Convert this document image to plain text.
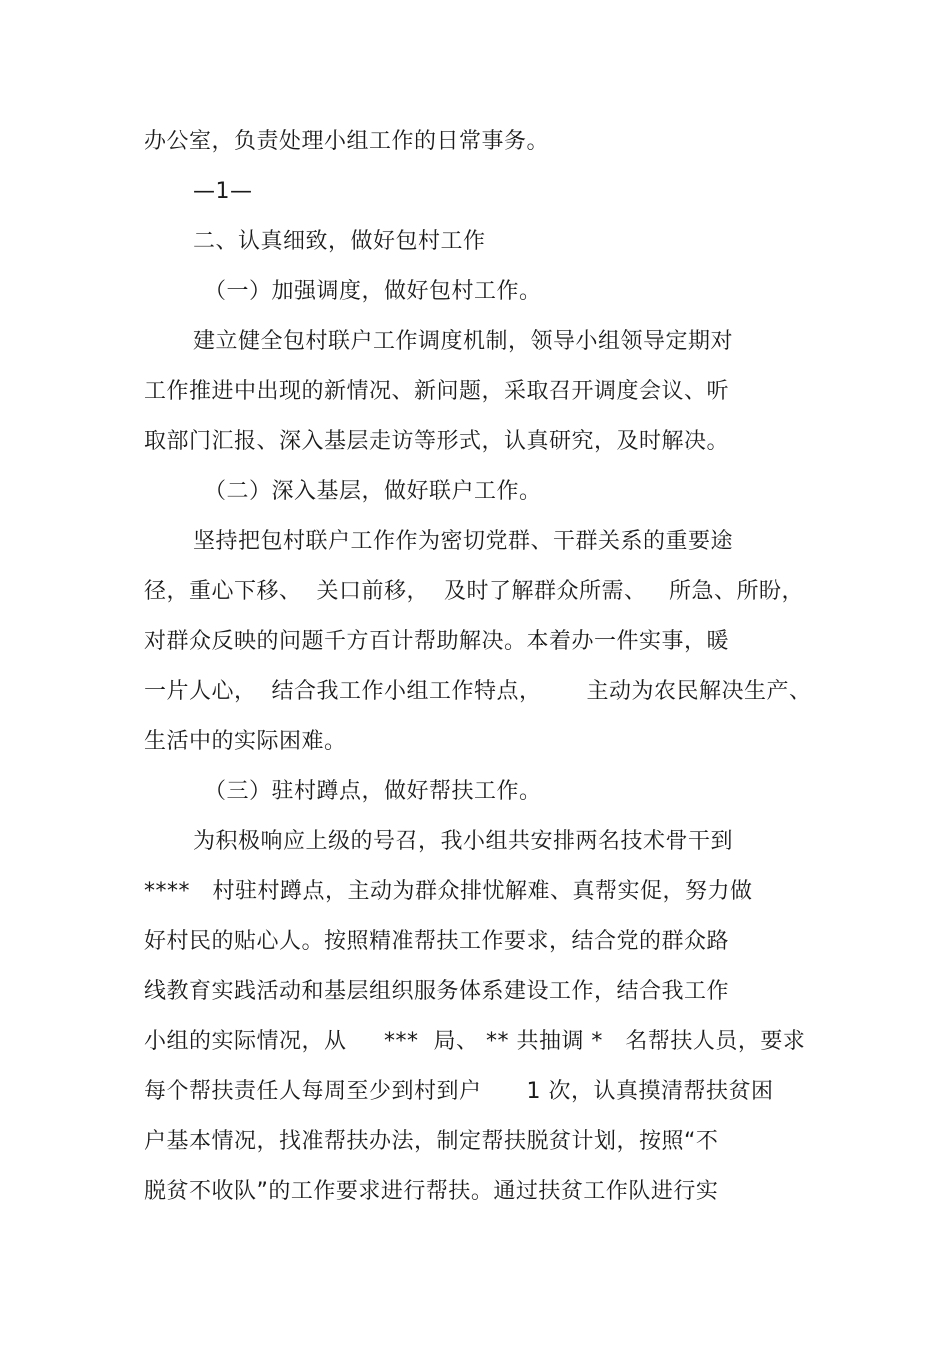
办公室，负责处理小组工作的日常事务。
—1—
二、认真细致，做好包村工作
（一）加强调度，做好包村工作。
建立健全包村联户工作调度机制，领导小组领导定期对
工作推进中出现的新情况、新问题，采取召开调度会议、听
取部门汇报、深入基层走访等形式，认真研究，及时解决。
（二）深入基层，做好联户工作。
坚持把包村联户工作作为密切党群、干群关系的重要途
径，重心下移、  关口前移，  及时了解群众所需、   所急、所盼，
对群众反映的问题千方百计帮助解决。本着办一件实事，暖
一片人心，  结合我工作小组工作特点，      主动为农民解决生产、
生活中的实际困难。
（三）驻村蹲点，做好帮扶工作。
为积极响应上级的号召，我小组共安排两名技术骨干到
****   村驻村蹲点，主动为群众排忧解难、真帮实促，努力做
好村民的贴心人。按照精准帮扶工作要求，结合党的群众路
线教育实践活动和基层组织服务体系建设工作，结合我工作
小组的实际情况，从     ***  局、 ** 共抽调 *   名帮扶人员，要求
每个帮扶责任人每周至少到村到户      1 次，认真摸清帮扶贫困
户基本情况，找准帮扶办法，制定帮扶脱贫计划，按照“不
脱贫不收队”的工作要求进行帮扶。通过扶贫工作队进行实
